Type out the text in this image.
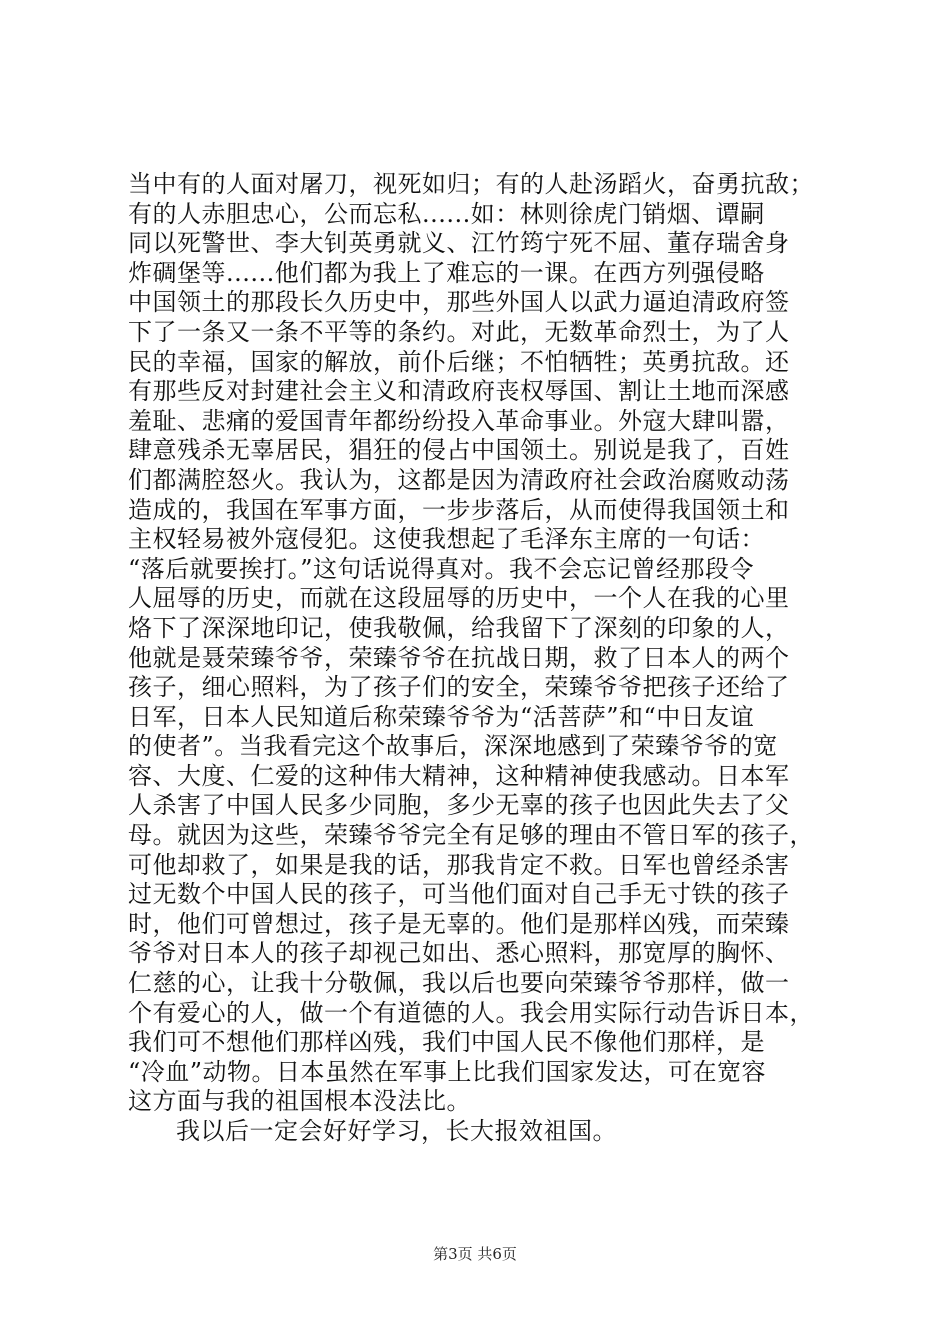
当中有的人面对屠刀，视死如归；有的人赴汤蹈火，奋勇抗敌；
有的人赤胆忠心，公而忘私......如：林则徐虎门销烟、谭嗣
同以死警世、李大钊英勇就义、江竹筠宁死不屈、董存瑞舍身
炸碉堡等......他们都为我上了难忘的一课。在西方列强侵略
中国领土的那段长久历史中，那些外国人以武力逼迫清政府签
下了一条又一条不平等的条约。对此，无数革命烈士，为了人
民的幸福，国家的解放，前仆后继；不怕牺牲；英勇抗敌。还
有那些反对封建社会主义和清政府丧权辱国、割让土地而深感
羞耻、悲痛的爱国青年都纷纷投入革命事业。外寇大肆叫嚣，
肆意残杀无辜居民，猖狂的侵占中国领土。别说是我了，百姓
们都满腔怒火。我认为，这都是因为清政府社会政治腐败动荡
造成的，我国在军事方面，一步步落后，从而使得我国领土和
主权轻易被外寇侵犯。这使我想起了毛泽东主席的一句话：
“落后就要挨打。”这句话说得真对。我不会忘记曾经那段令
人屈辱的历史，而就在这段屈辱的历史中，一个人在我的心里
烙下了深深地印记，使我敬佩，给我留下了深刻的印象的人，
他就是聂荣臻爷爷，荣臻爷爷在抗战日期，救了日本人的两个
孩子，细心照料，为了孩子们的安全，荣臻爷爷把孩子还给了
日军，日本人民知道后称荣臻爷爷为“活菩萨”和“中日友谊
的使者”。当我看完这个故事后，深深地感到了荣臻爷爷的宽
容、大度、仁爱的这种伟大精神，这种精神使我感动。日本军
人杀害了中国人民多少同胞，多少无辜的孩子也因此失去了父
母。就因为这些，荣臻爷爷完全有足够的理由不管日军的孩子，
可他却救了，如果是我的话，那我肯定不救。日军也曾经杀害
过无数个中国人民的孩子，可当他们面对自己手无寸铁的孩子
时，他们可曾想过，孩子是无辜的。他们是那样凶残，而荣臻
爷爷对日本人的孩子却视己如出、悉心照料，那宽厚的胸怀、
仁慈的心，让我十分敬佩，我以后也要向荣臻爷爷那样，做一
个有爱心的人，做一个有道德的人。我会用实际行动告诉日本，
我们可不想他们那样凶残，我们中国人民不像他们那样，是
“冷血”动物。日本虽然在军事上比我们国家发达，可在宽容
这方面与我的祖国根本没法比。
我以后一定会好好学习，长大报效祖国。
第3页 共6页
